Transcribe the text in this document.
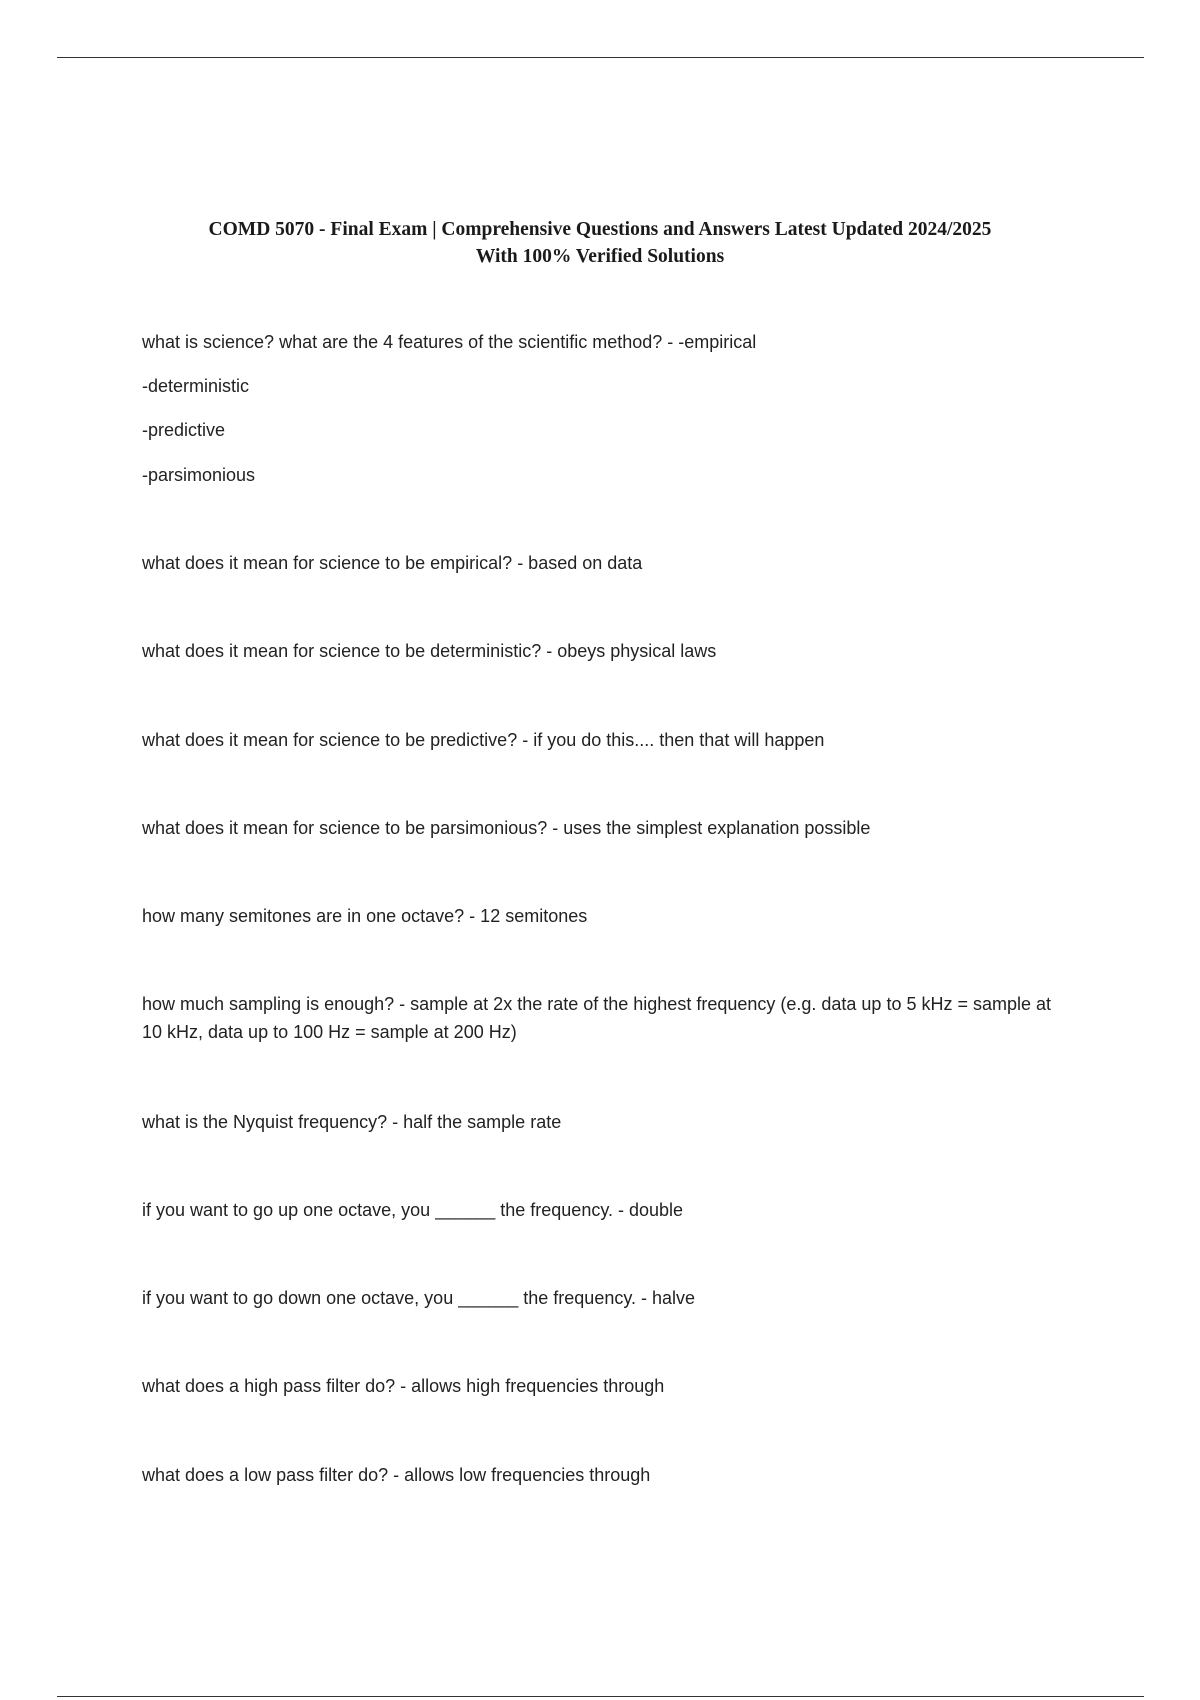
COMD 5070 - Final Exam | Comprehensive Questions and Answers Latest Updated 2024/2025
With 100% Verified Solutions
what is science? what are the 4 features of the scientific method? - -empirical
-deterministic
-predictive
-parsimonious
what does it mean for science to be empirical? - based on data
what does it mean for science to be deterministic? - obeys physical laws
what does it mean for science to be predictive? - if you do this.... then that will happen
what does it mean for science to be parsimonious? - uses the simplest explanation possible
how many semitones are in one octave? - 12 semitones
how much sampling is enough? - sample at 2x the rate of the highest frequency (e.g. data up to 5 kHz = sample at 10 kHz, data up to 100 Hz = sample at 200 Hz)
what is the Nyquist frequency? - half the sample rate
if you want to go up one octave, you ______ the frequency. - double
if you want to go down one octave, you ______ the frequency. - halve
what does a high pass filter do? - allows high frequencies through
what does a low pass filter do? - allows low frequencies through
